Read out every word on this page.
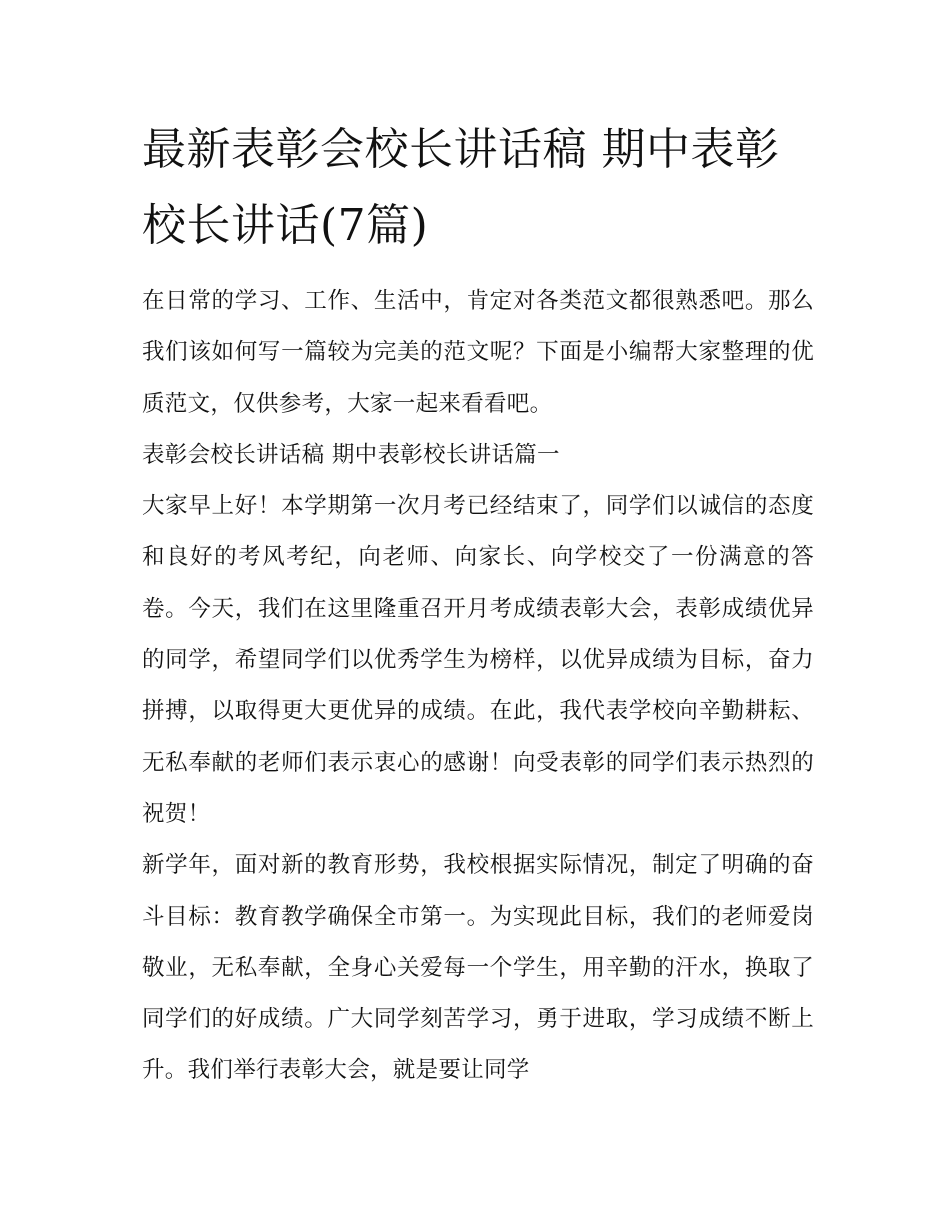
最新表彰会校长讲话稿 期中表彰校长讲话(7篇)

在日常的学习、工作、生活中，肯定对各类范文都很熟悉吧。那么我们该如何写一篇较为完美的范文呢？下面是小编帮大家整理的优质范文，仅供参考，大家一起来看看吧。

表彰会校长讲话稿 期中表彰校长讲话篇一

大家早上好！本学期第一次月考已经结束了，同学们以诚信的态度和良好的考风考纪，向老师、向家长、向学校交了一份满意的答卷。今天，我们在这里隆重召开月考成绩表彰大会，表彰成绩优异的同学，希望同学们以优秀学生为榜样，以优异成绩为目标，奋力拼搏，以取得更大更优异的成绩。在此，我代表学校向辛勤耕耘、无私奉献的老师们表示衷心的感谢！向受表彰的同学们表示热烈的祝贺！

新学年，面对新的教育形势，我校根据实际情况，制定了明确的奋斗目标：教育教学确保全市第一。为实现此目标，我们的老师爱岗敬业，无私奉献，全身心关爱每一个学生，用辛勤的汗水，换取了同学们的好成绩。广大同学刻苦学习，勇于进取，学习成绩不断上升。我们举行表彰大会，就是要让同学
